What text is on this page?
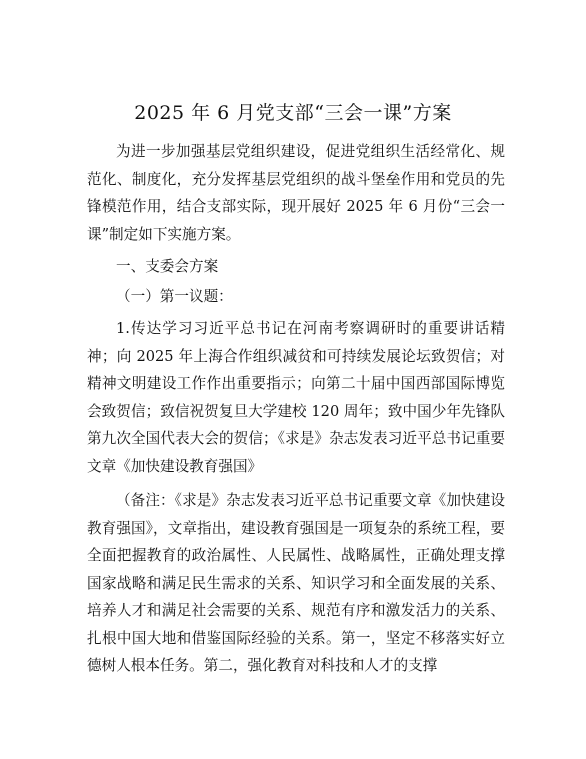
2025 年 6 月党支部“三会一课”方案

为进一步加强基层党组织建设，促进党组织生活经常化、规范化、制度化，充分发挥基层党组织的战斗堡垒作用和党员的先锋模范作用，结合支部实际，现开展好 2025 年 6 月份“三会一课”制定如下实施方案。

一、支委会方案
（一）第一议题：

1.传达学习习近平总书记在河南考察调研时的重要讲话精神；向 2025 年上海合作组织减贫和可持续发展论坛致贺信；对精神文明建设工作作出重要指示；向第二十届中国西部国际博览会致贺信；致信祝贺复旦大学建校 120 周年；致中国少年先锋队第九次全国代表大会的贺信；《求是》杂志发表习近平总书记重要文章《加快建设教育强国》

（备注：《求是》杂志发表习近平总书记重要文章《加快建设教育强国》，文章指出，建设教育强国是一项复杂的系统工程，要全面把握教育的政治属性、人民属性、战略属性，正确处理支撑国家战略和满足民生需求的关系、知识学习和全面发展的关系、培养人才和满足社会需要的关系、规范有序和激发活力的关系、扎根中国大地和借鉴国际经验的关系。第一，坚定不移落实好立德树人根本任务。第二，强化教育对科技和人才的支撑
